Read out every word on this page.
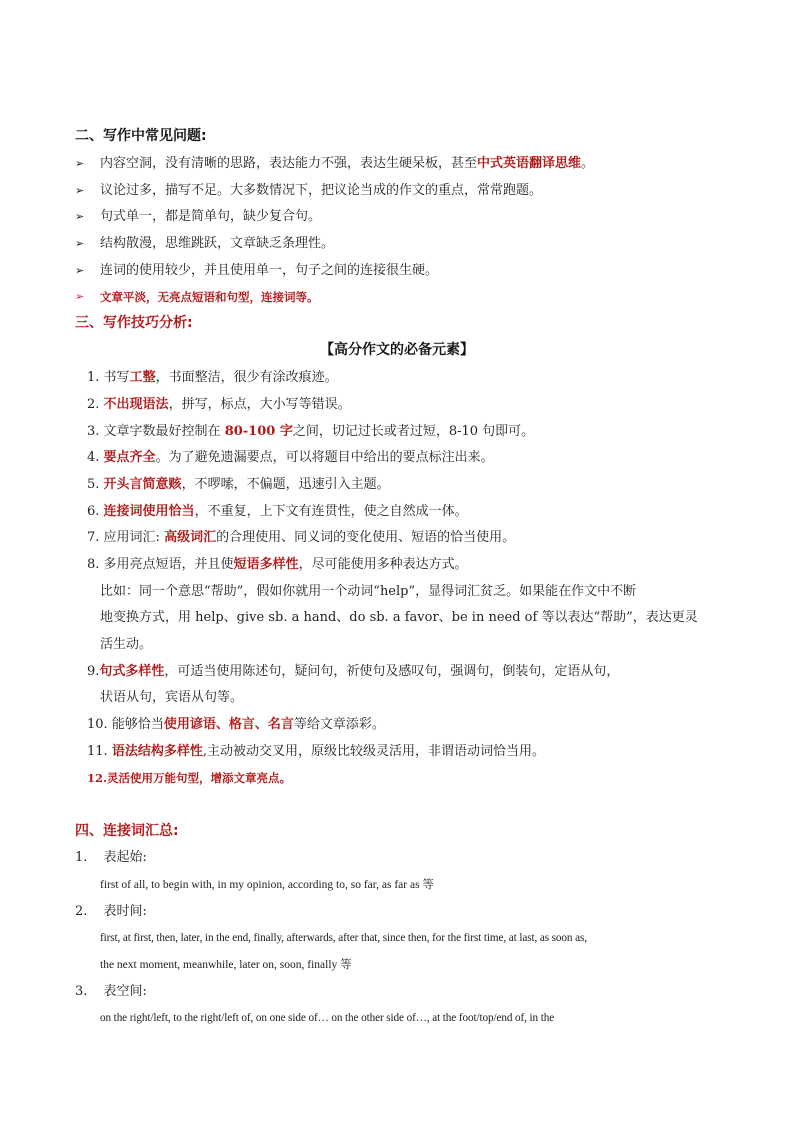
二、写作中常见问题:
➢ 内容空洞，没有清晰的思路，表达能力不强，表达生硬呆板，甚至中式英语翻译思维。
➢ 议论过多，描写不足。大多数情况下，把议论当成的作文的重点，常常跑题。
➢ 句式单一，都是简单句，缺少复合句。
➢ 结构散漫，思维跳跃，文章缺乏条理性。
➢ 连词的使用较少，并且使用单一，句子之间的连接很生硬。
➢ 文章平淡，无亮点短语和句型，连接词等。
三、写作技巧分析:
【高分作文的必备元素】
1. 书写工整，书面整洁，很少有涂改痕迹。
2. 不出现语法，拼写，标点，大小写等错误。
3. 文章字数最好控制在 80-100 字之间，切记过长或者过短，8-10 句即可。
4. 要点齐全。为了避免遗漏要点，可以将题目中给出的要点标注出来。
5. 开头言简意赅，不啰嗦，不偏题，迅速引入主题。
6. 连接词使用恰当，不重复，上下文有连贯性，使之自然成一体。
7. 应用词汇: 高级词汇的合理使用、同义词的变化使用、短语的恰当使用。
8. 多用亮点短语，并且使短语多样性，尽可能使用多种表达方式。
比如：同一个意思“帮助”，假如你就用一个动词“help”，显得词汇贫乏。如果能在作文中不断
地变换方式，用 help、give sb. a hand、do sb. a favor、be in need of 等以表达“帮助”，表达更灵
活生动。
9.句式多样性，可适当使用陈述句，疑问句，祈使句及感叹句，强调句，倒装句，定语从句，
状语从句，宾语从句等。
10. 能够恰当使用谚语、格言、名言等给文章添彩。
11. 语法结构多样性,主动被动交叉用，原级比较级灵活用，非谓语动词恰当用。
12.灵活使用万能句型，增添文章亮点。
四、连接词汇总:
1. 表起始:
first of all, to begin with, in my opinion, according to, so far, as far as 等
2. 表时间:
first, at first, then, later, in the end, finally, afterwards, after that, since then, for the first time, at last, as soon as,
the next moment, meanwhile, later on, soon, finally 等
3. 表空间:
on the right/left, to the right/left of, on one side of… on the other side of…, at the foot/top/end of, in the
